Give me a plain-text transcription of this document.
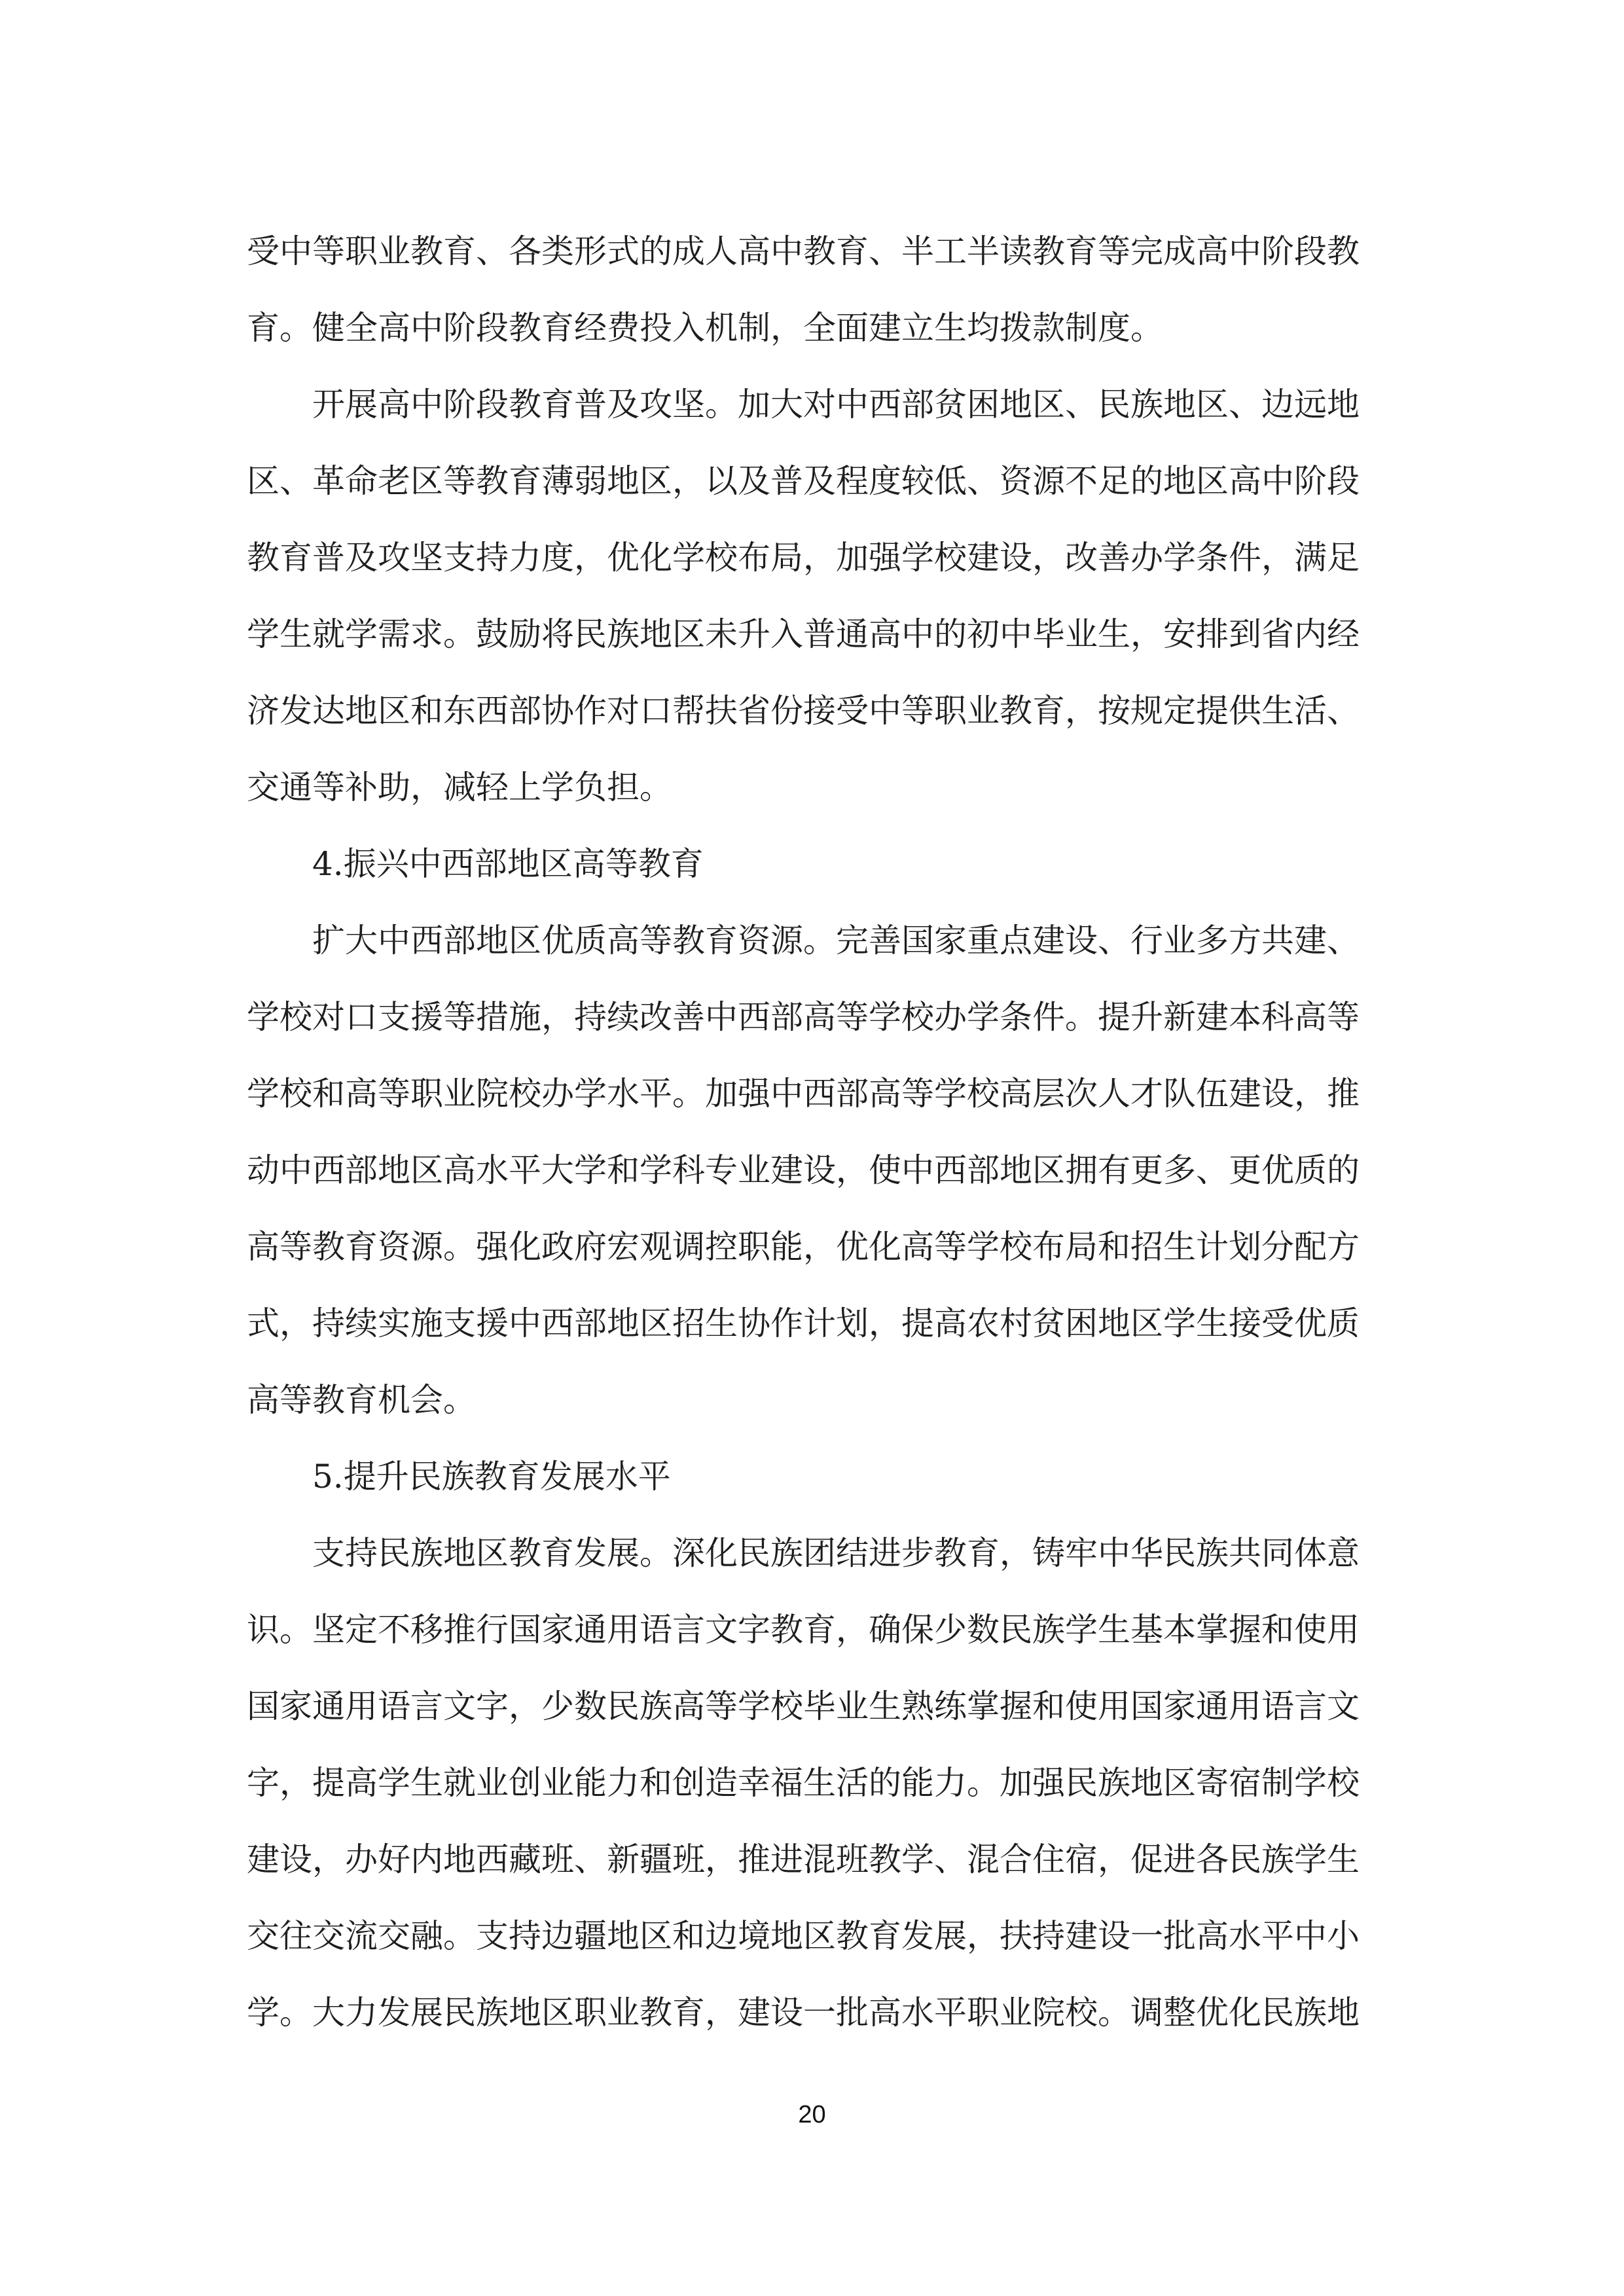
受中等职业教育、各类形式的成人高中教育、半工半读教育等完成高中阶段教
育。健全高中阶段教育经费投入机制，全面建立生均拨款制度。
开展高中阶段教育普及攻坚。加大对中西部贫困地区、民族地区、边远地
区、革命老区等教育薄弱地区，以及普及程度较低、资源不足的地区高中阶段
教育普及攻坚支持力度，优化学校布局，加强学校建设，改善办学条件，满足
学生就学需求。鼓励将民族地区未升入普通高中的初中毕业生，安排到省内经
济发达地区和东西部协作对口帮扶省份接受中等职业教育，按规定提供生活、
交通等补助，减轻上学负担。
4.振兴中西部地区高等教育
扩大中西部地区优质高等教育资源。完善国家重点建设、行业多方共建、
学校对口支援等措施，持续改善中西部高等学校办学条件。提升新建本科高等
学校和高等职业院校办学水平。加强中西部高等学校高层次人才队伍建设，推
动中西部地区高水平大学和学科专业建设，使中西部地区拥有更多、更优质的
高等教育资源。强化政府宏观调控职能，优化高等学校布局和招生计划分配方
式，持续实施支援中西部地区招生协作计划，提高农村贫困地区学生接受优质
高等教育机会。
5.提升民族教育发展水平
支持民族地区教育发展。深化民族团结进步教育，铸牢中华民族共同体意
识。坚定不移推行国家通用语言文字教育，确保少数民族学生基本掌握和使用
国家通用语言文字，少数民族高等学校毕业生熟练掌握和使用国家通用语言文
字，提高学生就业创业能力和创造幸福生活的能力。加强民族地区寄宿制学校
建设，办好内地西藏班、新疆班，推进混班教学、混合住宿，促进各民族学生
交往交流交融。支持边疆地区和边境地区教育发展，扶持建设一批高水平中小
学。大力发展民族地区职业教育，建设一批高水平职业院校。调整优化民族地
20
